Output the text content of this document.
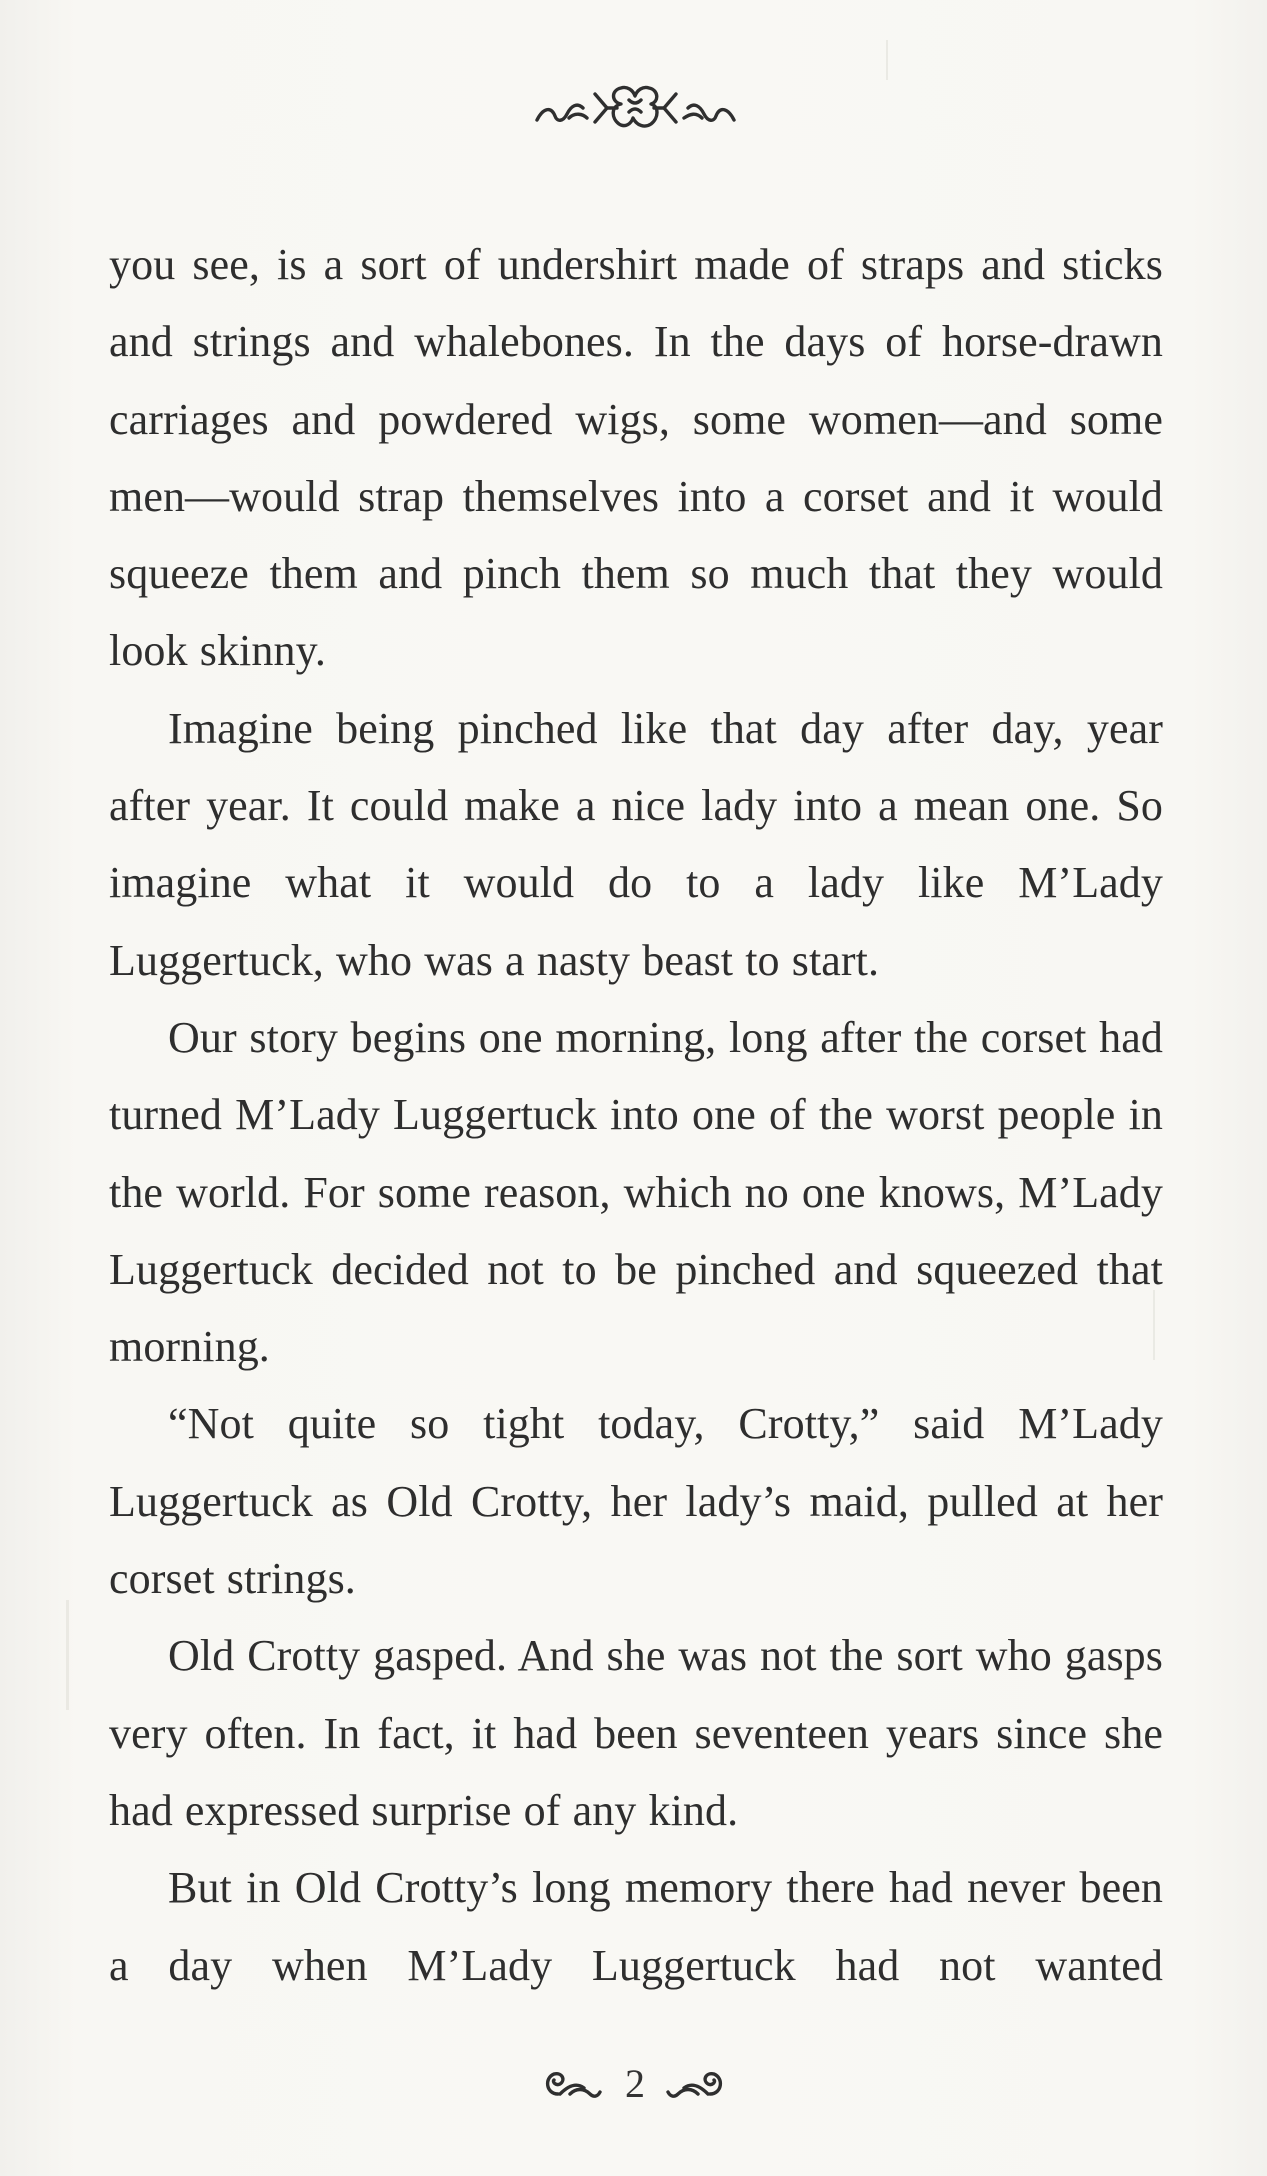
you see, is a sort of undershirt made of straps and sticks and strings and whalebones. In the days of horse-drawn carriages and powdered wigs, some women—and some men—would strap themselves into a corset and it would squeeze them and pinch them so much that they would look skinny.

Imagine being pinched like that day after day, year after year. It could make a nice lady into a mean one. So imagine what it would do to a lady like M’Lady Luggertuck, who was a nasty beast to start.

Our story begins one morning, long after the corset had turned M’Lady Luggertuck into one of the worst people in the world. For some reason, which no one knows, M’Lady Luggertuck decided not to be pinched and squeezed that morning.

“Not quite so tight today, Crotty,” said M’Lady Luggertuck as Old Crotty, her lady’s maid, pulled at her corset strings.

Old Crotty gasped. And she was not the sort who gasps very often. In fact, it had been seventeen years since she had expressed surprise of any kind.

But in Old Crotty’s long memory there had never been a day when M’Lady Luggertuck had not wanted

2
